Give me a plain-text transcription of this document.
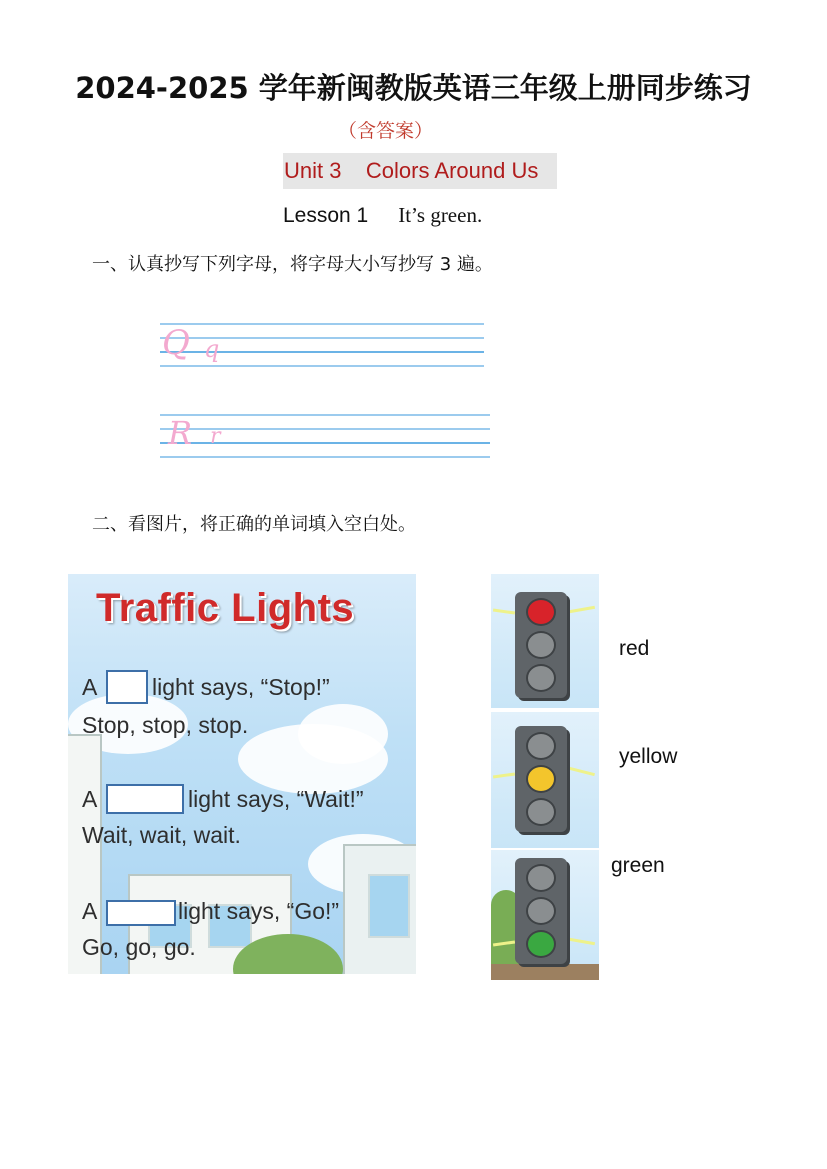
2024-2025 学年新闽教版英语三年级上册同步练习
（含答案）
Unit 3    Colors Around Us
Lesson 1 It’s green.
一、认真抄写下列字母，将字母大小写抄写 3 遍。
Q q
R r
二、看图片，将正确的单词填入空白处。
Traffic Lights
A light says, “Stop!”
Stop, stop, stop.
A	light says, “Wait!”
Wait, wait, wait.
A	light says, “Go!”
Go, go, go.
red
yellow
green
